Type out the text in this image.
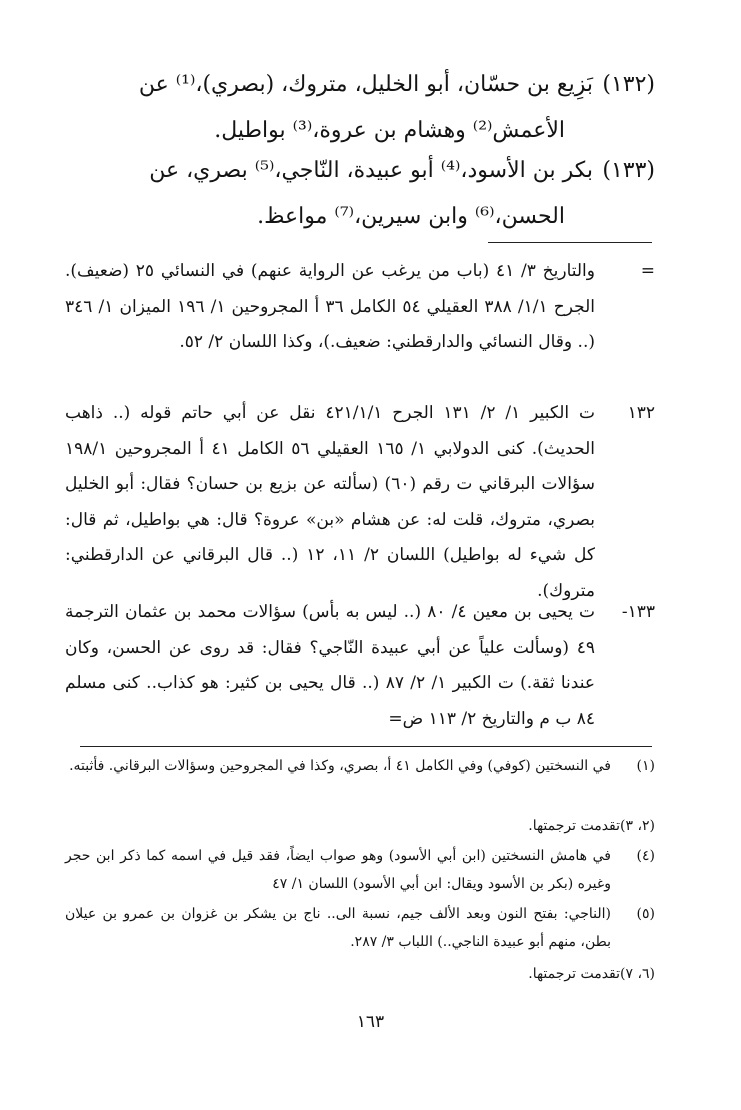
(١٣٢)
بَزِيع بن حسّان، أبو الخليل، متروك، (بصري)،⁽¹⁾ عن
الأعمش⁽²⁾ وهشام بن عروة،⁽³⁾ بواطيل.
(١٣٣)
بكر بن الأسود،⁽⁴⁾ أبو عبيدة، النّاجي،⁽⁵⁾ بصري، عن
الحسن،⁽⁶⁾ وابن سيرين،⁽⁷⁾ مواعظ.
=
والتاريخ ٣/ ٤١ (باب من يرغب عن الرواية عنهم) في النسائي ٢٥ (ضعيف). الجرح ١/١/ ٣٨٨ العقيلي ٥٤ الكامل ٣٦ أ المجروحين ١/ ١٩٦ الميزان ١/ ٣٤٦ (.. وقال النسائي والدارقطني: ضعيف.)، وكذا اللسان ٢/ ٥٢.
١٣٢
ت الكبير ١/ ٢/ ١٣١ الجرح ٤٢١/١/١ نقل عن أبي حاتم قوله (.. ذاهب الحديث). كنى الدولابي ١/ ١٦٥ العقيلي ٥٦ الكامل ٤١ أ المجروحين ١٩٨/١ سؤالات البرقاني ت رقم (٦٠) (سألته عن بزيع بن حسان؟ فقال: أبو الخليل بصري، متروك، قلت له: عن هشام «بن» عروة؟ قال: هي بواطيل، ثم قال: كل شيء له بواطيل) اللسان ٢/ ١١، ١٢ (.. قال البرقاني عن الدارقطني: متروك).
١٣٣-
ت يحيى بن معين ٤/ ٨٠ (.. ليس به بأس) سؤالات محمد بن عثمان الترجمة ٤٩ (وسألت علياً عن أبي عبيدة النّاجي؟ فقال: قد روى عن الحسن، وكان عندنا ثقة.) ت الكبير ١/ ٢/ ٨٧ (.. قال يحيى بن كثير: هو كذاب.. كنى مسلم ٨٤ ب م والتاريخ ٢/ ١١٣ ض=
(١)
في النسختين (كوفي) وفي الكامل ٤١ أ، بصري، وكذا في المجروحين وسؤالات البرقاني. فأثبته.
(٢، ٣)تقدمت ترجمتها.
(٤)
في هامش النسختين (ابن أبي الأسود) وهو صواب ايضاً، فقد قيل في اسمه كما ذكر ابن حجر وغيره (بكر بن الأسود ويقال: ابن أبي الأسود) اللسان ١/ ٤٧
(٥)
(الناجي: بفتح النون وبعد الألف جيم، نسبة الى.. ناج بن يشكر بن غزوان بن عمرو بن عيلان بطن، منهم أبو عبيدة الناجي..) اللباب ٣/ ٢٨٧.
(٦، ٧)تقدمت ترجمتها.
١٦٣
